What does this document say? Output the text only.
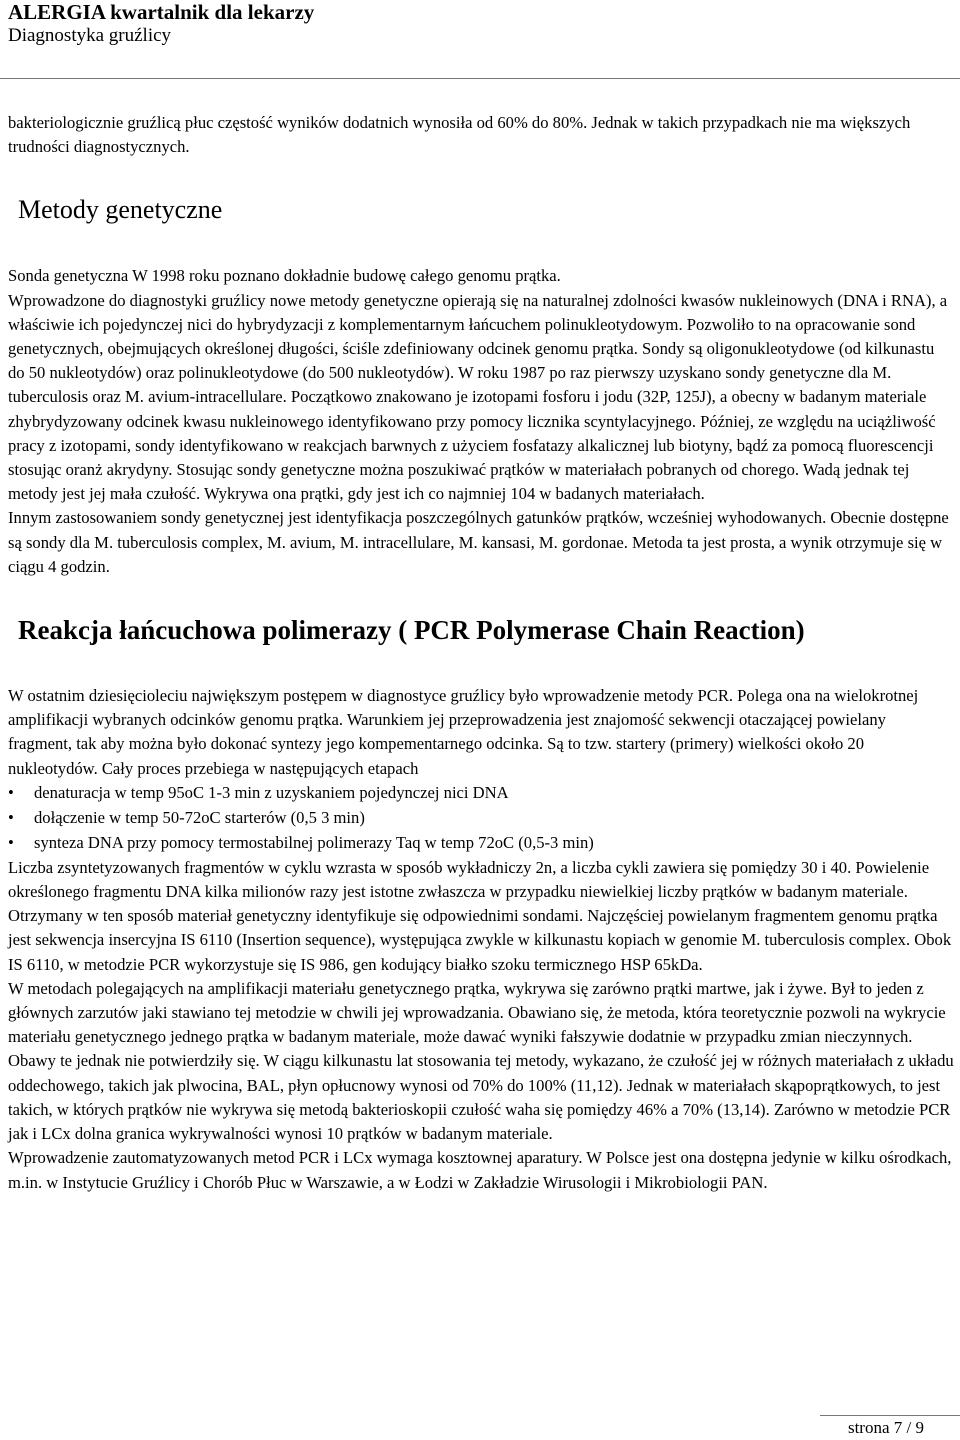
ALERGIA kwartalnik dla lekarzy
Diagnostyka gruźlicy

bakteriologicznie gruźlicą płuc częstość wyników dodatnich wynosiła od 60% do 80%. Jednak w takich przypadkach nie ma większych trudności diagnostycznych.

Metody genetyczne

Sonda genetyczna W 1998 roku poznano dokładnie budowę całego genomu prątka.

Wprowadzone do diagnostyki gruźlicy nowe metody genetyczne opierają się na naturalnej zdolności kwasów nukleinowych (DNA i RNA), a właściwie ich pojedynczej nici do hybrydyzacji z komplementarnym łańcuchem polinukleotydowym. Pozwoliło to na opracowanie sond genetycznych, obejmujących określonej długości, ściśle zdefiniowany odcinek genomu prątka. Sondy są oligonukleotydowe (od kilkunastu do 50 nukleotydów) oraz polinukleotydowe (do 500 nukleotydów). W roku 1987 po raz pierwszy uzyskano sondy genetyczne dla M. tuberculosis oraz M. avium-intracellulare. Początkowo znakowano je izotopami fosforu i jodu (32P, 125J), a obecny w badanym materiale zhybrydyzowany odcinek kwasu nukleinowego identyfikowano przy pomocy licznika scyntylacyjnego. Później, ze względu na uciążliwość pracy z izotopami, sondy identyfikowano w reakcjach barwnych z użyciem fosfatazy alkalicznej lub biotyny, bądź za pomocą fluorescencji stosując oranż akrydyny. Stosując sondy genetyczne można poszukiwać prątków w materiałach pobranych od chorego. Wadą jednak tej metody jest jej mała czułość. Wykrywa ona prątki, gdy jest ich co najmniej 104 w badanych materiałach.

Innym zastosowaniem sondy genetycznej jest identyfikacja poszczególnych gatunków prątków, wcześniej wyhodowanych. Obecnie dostępne są sondy dla M. tuberculosis complex, M. avium, M. intracellulare, M. kansasi, M. gordonae. Metoda ta jest prosta, a wynik otrzymuje się w ciągu 4 godzin.

Reakcja łańcuchowa polimerazy ( PCR Polymerase Chain Reaction)

W ostatnim dziesięcioleciu największym postępem w diagnostyce gruźlicy było wprowadzenie metody PCR. Polega ona na wielokrotnej amplifikacji wybranych odcinków genomu prątka. Warunkiem jej przeprowadzenia jest znajomość sekwencji otaczającej powielany fragment, tak aby można było dokonać syntezy jego kompementarnego odcinka. Są to tzw. startery (primery) wielkości około 20 nukleotydów. Cały proces przebiega w następujących etapach

• denaturacja w temp 95oC 1-3 min z uzyskaniem pojedynczej nici DNA
• dołączenie w temp 50-72oC starterów (0,5 3 min)
• synteza DNA przy pomocy termostabilnej polimerazy Taq w temp 72oC (0,5-3 min)

Liczba zsyntetyzowanych fragmentów w cyklu wzrasta w sposób wykładniczy 2n, a liczba cykli zawiera się pomiędzy 30 i 40. Powielenie określonego fragmentu DNA kilka milionów razy jest istotne zwłaszcza w przypadku niewielkiej liczby prątków w badanym materiale. Otrzymany w ten sposób materiał genetyczny identyfikuje się odpowiednimi sondami. Najczęściej powielanym fragmentem genomu prątka jest sekwencja insercyjna IS 6110 (Insertion sequence), występująca zwykle w kilkunastu kopiach w genomie M. tuberculosis complex. Obok IS 6110, w metodzie PCR wykorzystuje się IS 986, gen kodujący białko szoku termicznego HSP 65kDa.

W metodach polegających na amplifikacji materiału genetycznego prątka, wykrywa się zarówno prątki martwe, jak i żywe. Był to jeden z głównych zarzutów jaki stawiano tej metodzie w chwili jej wprowadzania. Obawiano się, że metoda, która teoretycznie pozwoli na wykrycie materiału genetycznego jednego prątka w badanym materiale, może dawać wyniki fałszywie dodatnie w przypadku zmian nieczynnych. Obawy te jednak nie potwierdziły się. W ciągu kilkunastu lat stosowania tej metody, wykazano, że czułość jej w różnych materiałach z układu oddechowego, takich jak plwocina, BAL, płyn opłucnowy wynosi od 70% do 100% (11,12). Jednak w materiałach skąpoprątkowych, to jest takich, w których prątków nie wykrywa się metodą bakterioskopii czułość waha się pomiędzy 46% a 70% (13,14). Zarówno w metodzie PCR jak i LCx dolna granica wykrywalności wynosi 10 prątków w badanym materiale.

Wprowadzenie zautomatyzowanych metod PCR i LCx wymaga kosztownej aparatury. W Polsce jest ona dostępna jedynie w kilku ośrodkach, m.in. w Instytucie Gruźlicy i Chorób Płuc w Warszawie, a w Łodzi w Zakładzie Wirusologii i Mikrobiologii PAN.

strona 7 / 9
